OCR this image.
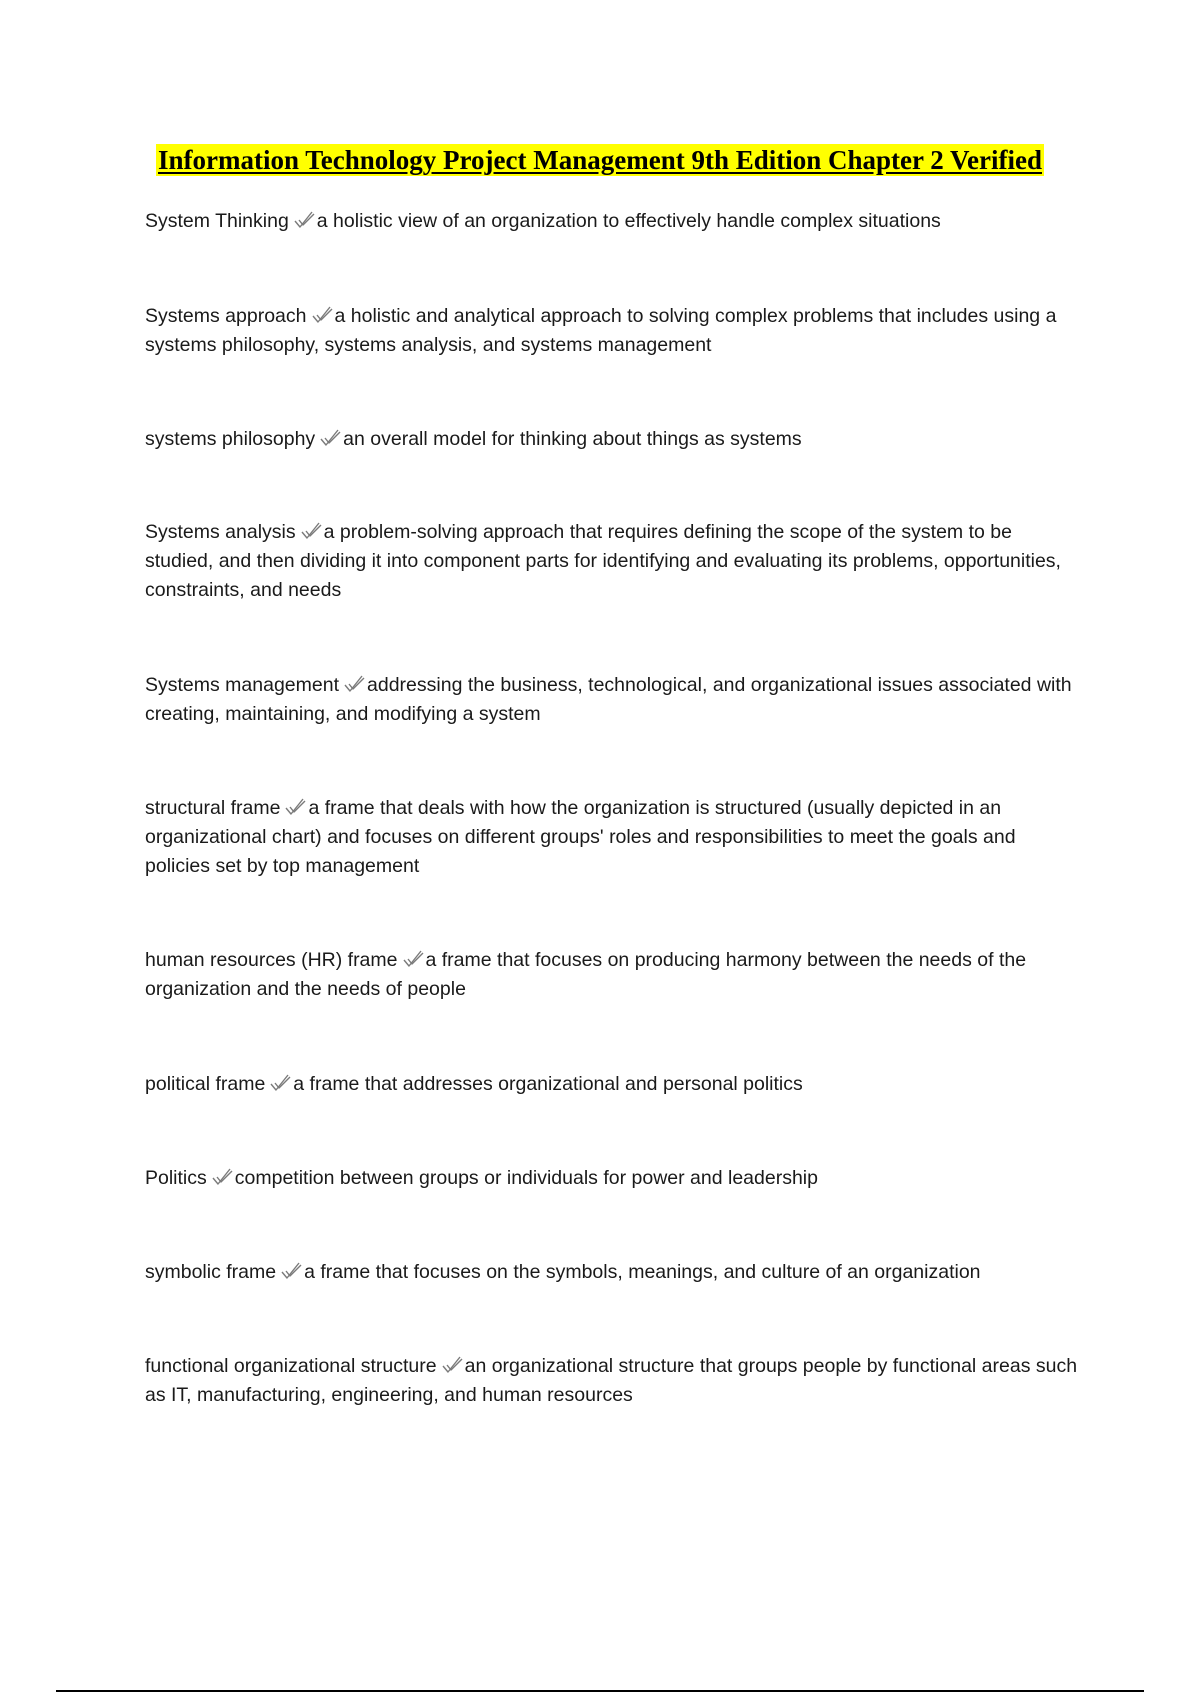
Information Technology Project Management 9th Edition Chapter 2 Verified
System Thinking a holistic view of an organization to effectively handle complex situations
Systems approach a holistic and analytical approach to solving complex problems that includes using a systems philosophy, systems analysis, and systems management
systems philosophy an overall model for thinking about things as systems
Systems analysis a problem-solving approach that requires defining the scope of the system to be studied, and then dividing it into component parts for identifying and evaluating its problems, opportunities, constraints, and needs
Systems management addressing the business, technological, and organizational issues associated with creating, maintaining, and modifying a system
structural frame a frame that deals with how the organization is structured (usually depicted in an organizational chart) and focuses on different groups' roles and responsibilities to meet the goals and policies set by top management
human resources (HR) frame a frame that focuses on producing harmony between the needs of the organization and the needs of people
political frame a frame that addresses organizational and personal politics
Politics competition between groups or individuals for power and leadership
symbolic frame a frame that focuses on the symbols, meanings, and culture of an organization
functional organizational structure an organizational structure that groups people by functional areas such as IT, manufacturing, engineering, and human resources
